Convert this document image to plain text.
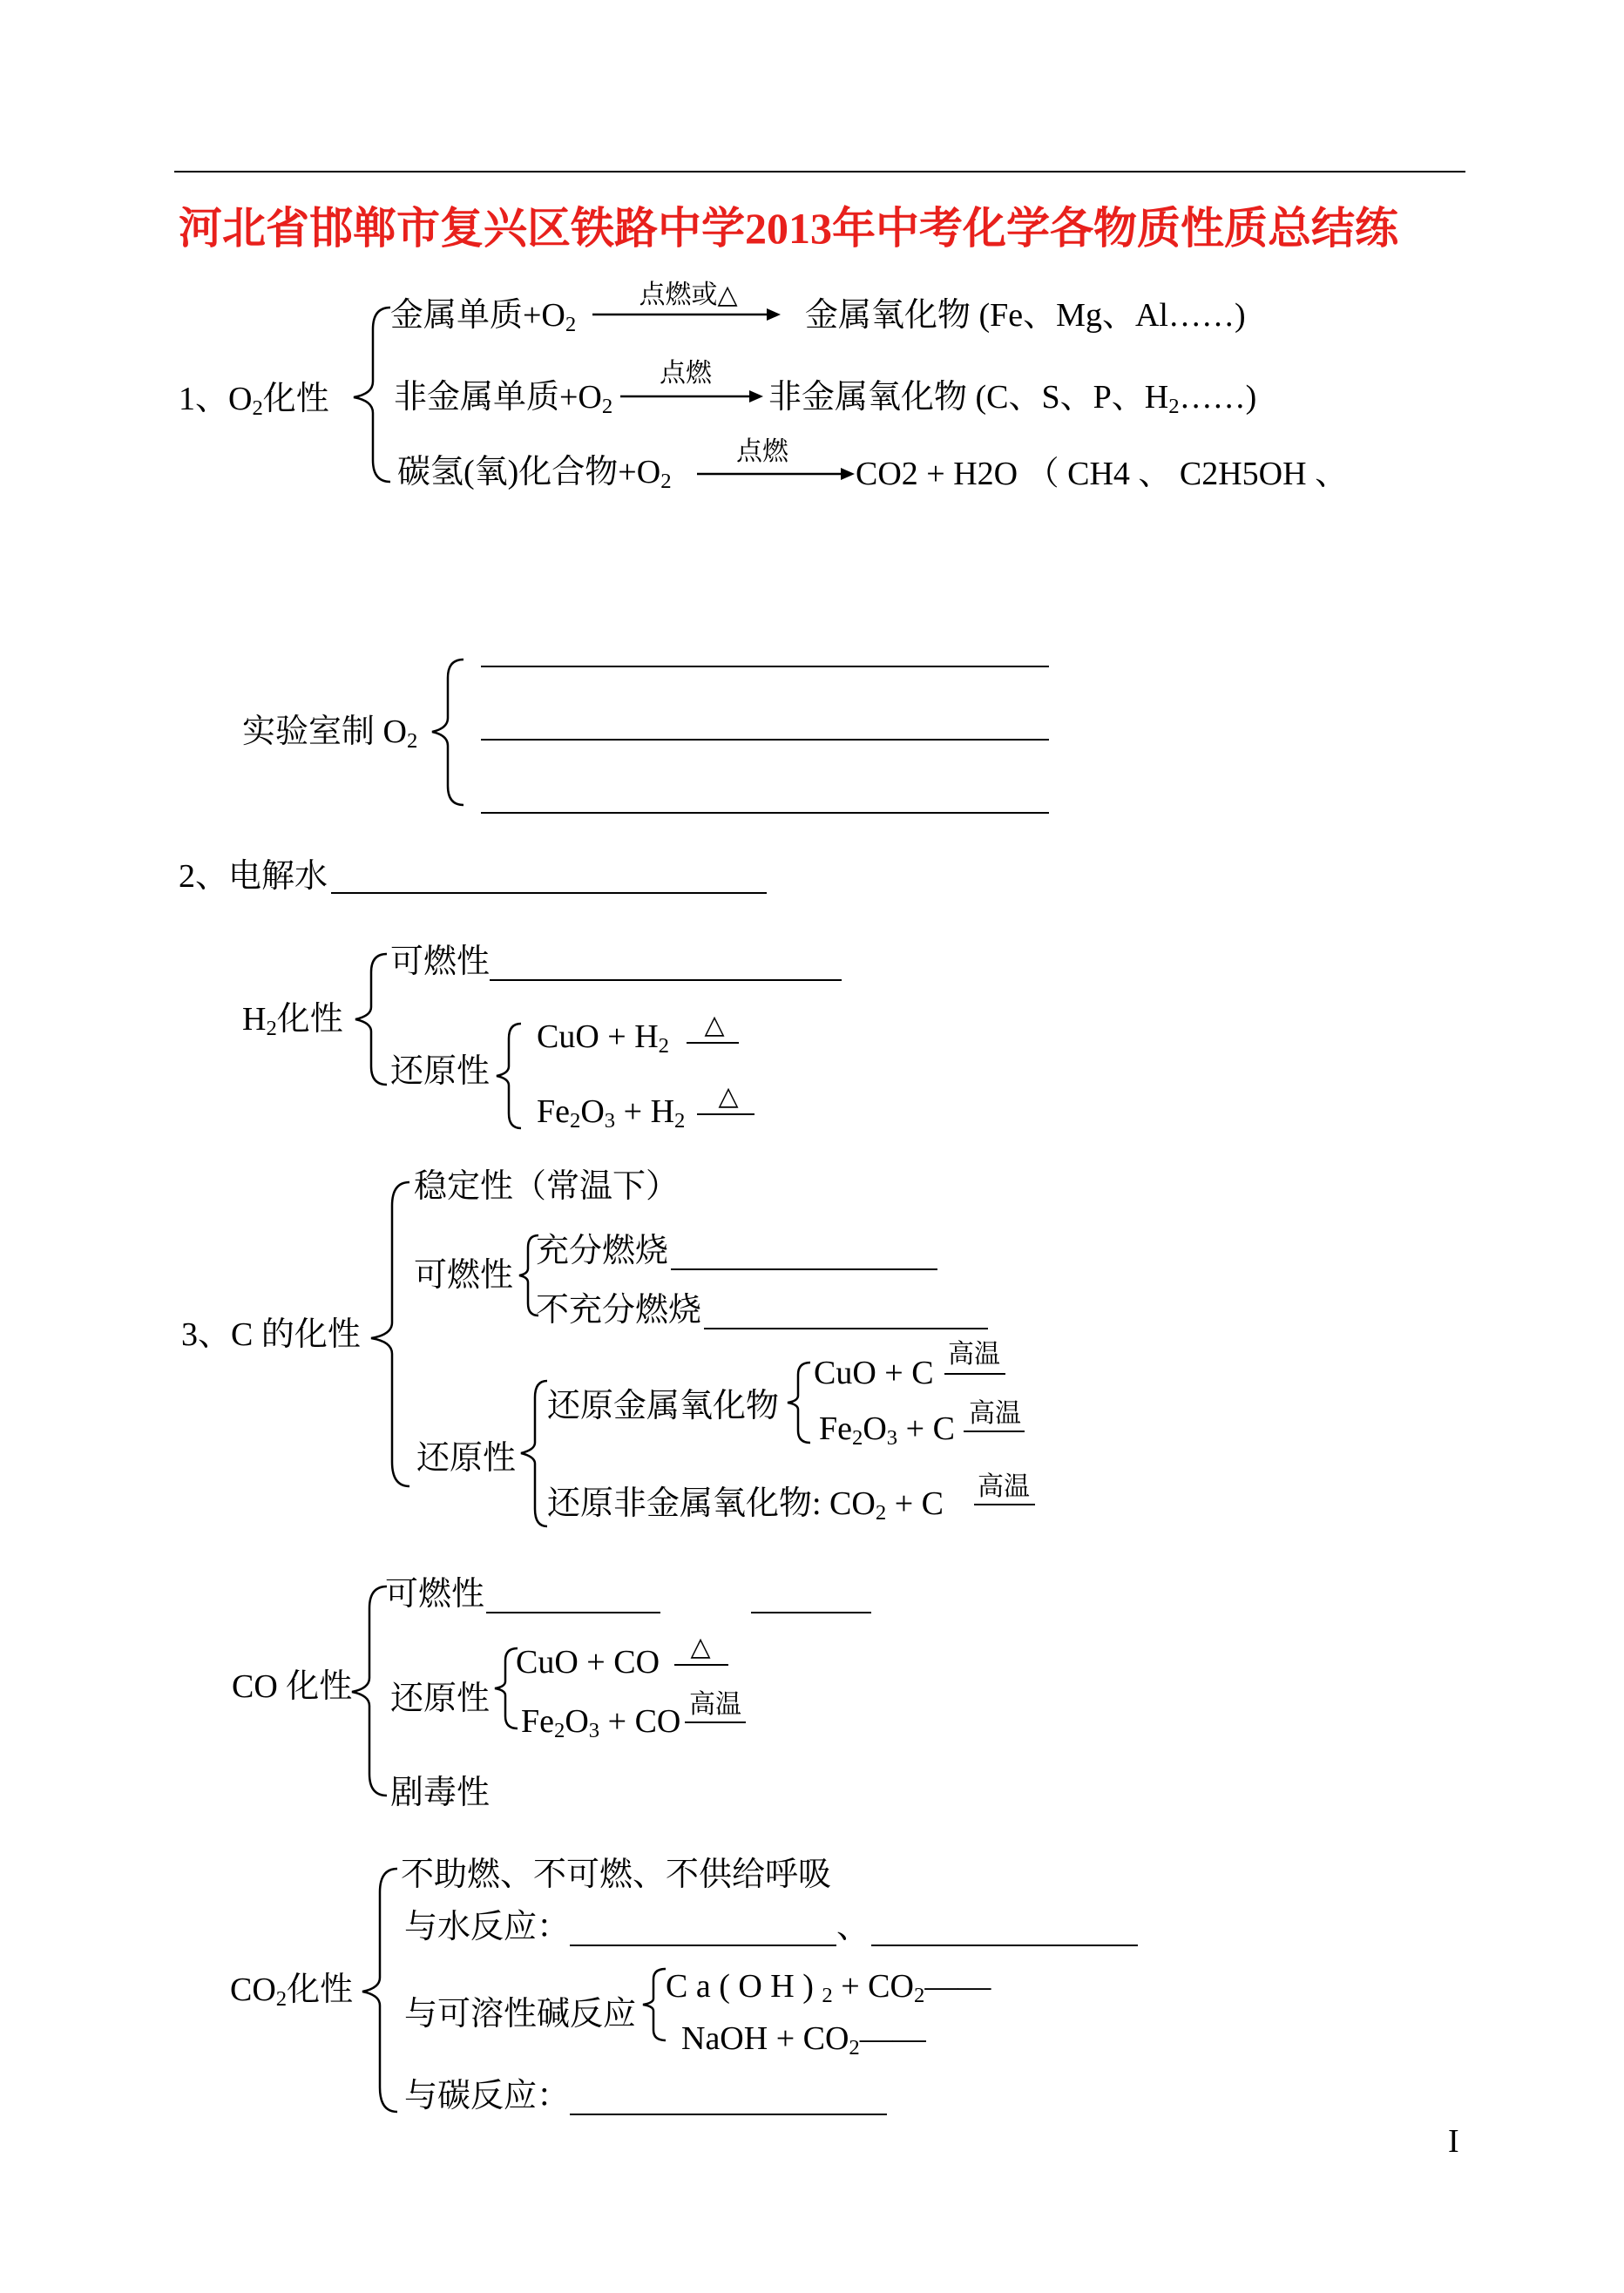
河北省邯郸市复兴区铁路中学2013年中考化学各物质性质总结练
1、$O_2$化性
金属单质$+O_2$
点燃或△
金属氧化物 (Fe、Mg、Al……)
非金属单质$+O_2$
点燃
非金属氧化物 (C、S、P、$H_2\dots\dots$)
碳氢(氧)化合物$+O_2$
点燃
CO2 + H2O （ CH4 、 C2H5OH 、
实验室制 $O_2$
2、电解水
$H_2$化性
可燃性
还原性
CuO + $H_2$
△
$Fe_2O_3 + H_2$
△
3、C 的化性
稳定性（常温下）
可燃性
充分燃烧
不充分燃烧
还原性
还原金属氧化物
CuO + C
高温
$Fe_2O_3 + C$ 高温
还原非金属氧化物: $CO_2 + C$ 高温
CO 化性
可燃性
还原性
CuO + CO	△
$Fe_2O_3$ + CO 高温
剧毒性
$CO_2$化性
不助燃、不可燃、不供给呼吸
与水反应：	、
与可溶性碱反应
C a ( O H ) $_2 + CO_2——$
NaOH + $CO_2——$
与碳反应：
I
